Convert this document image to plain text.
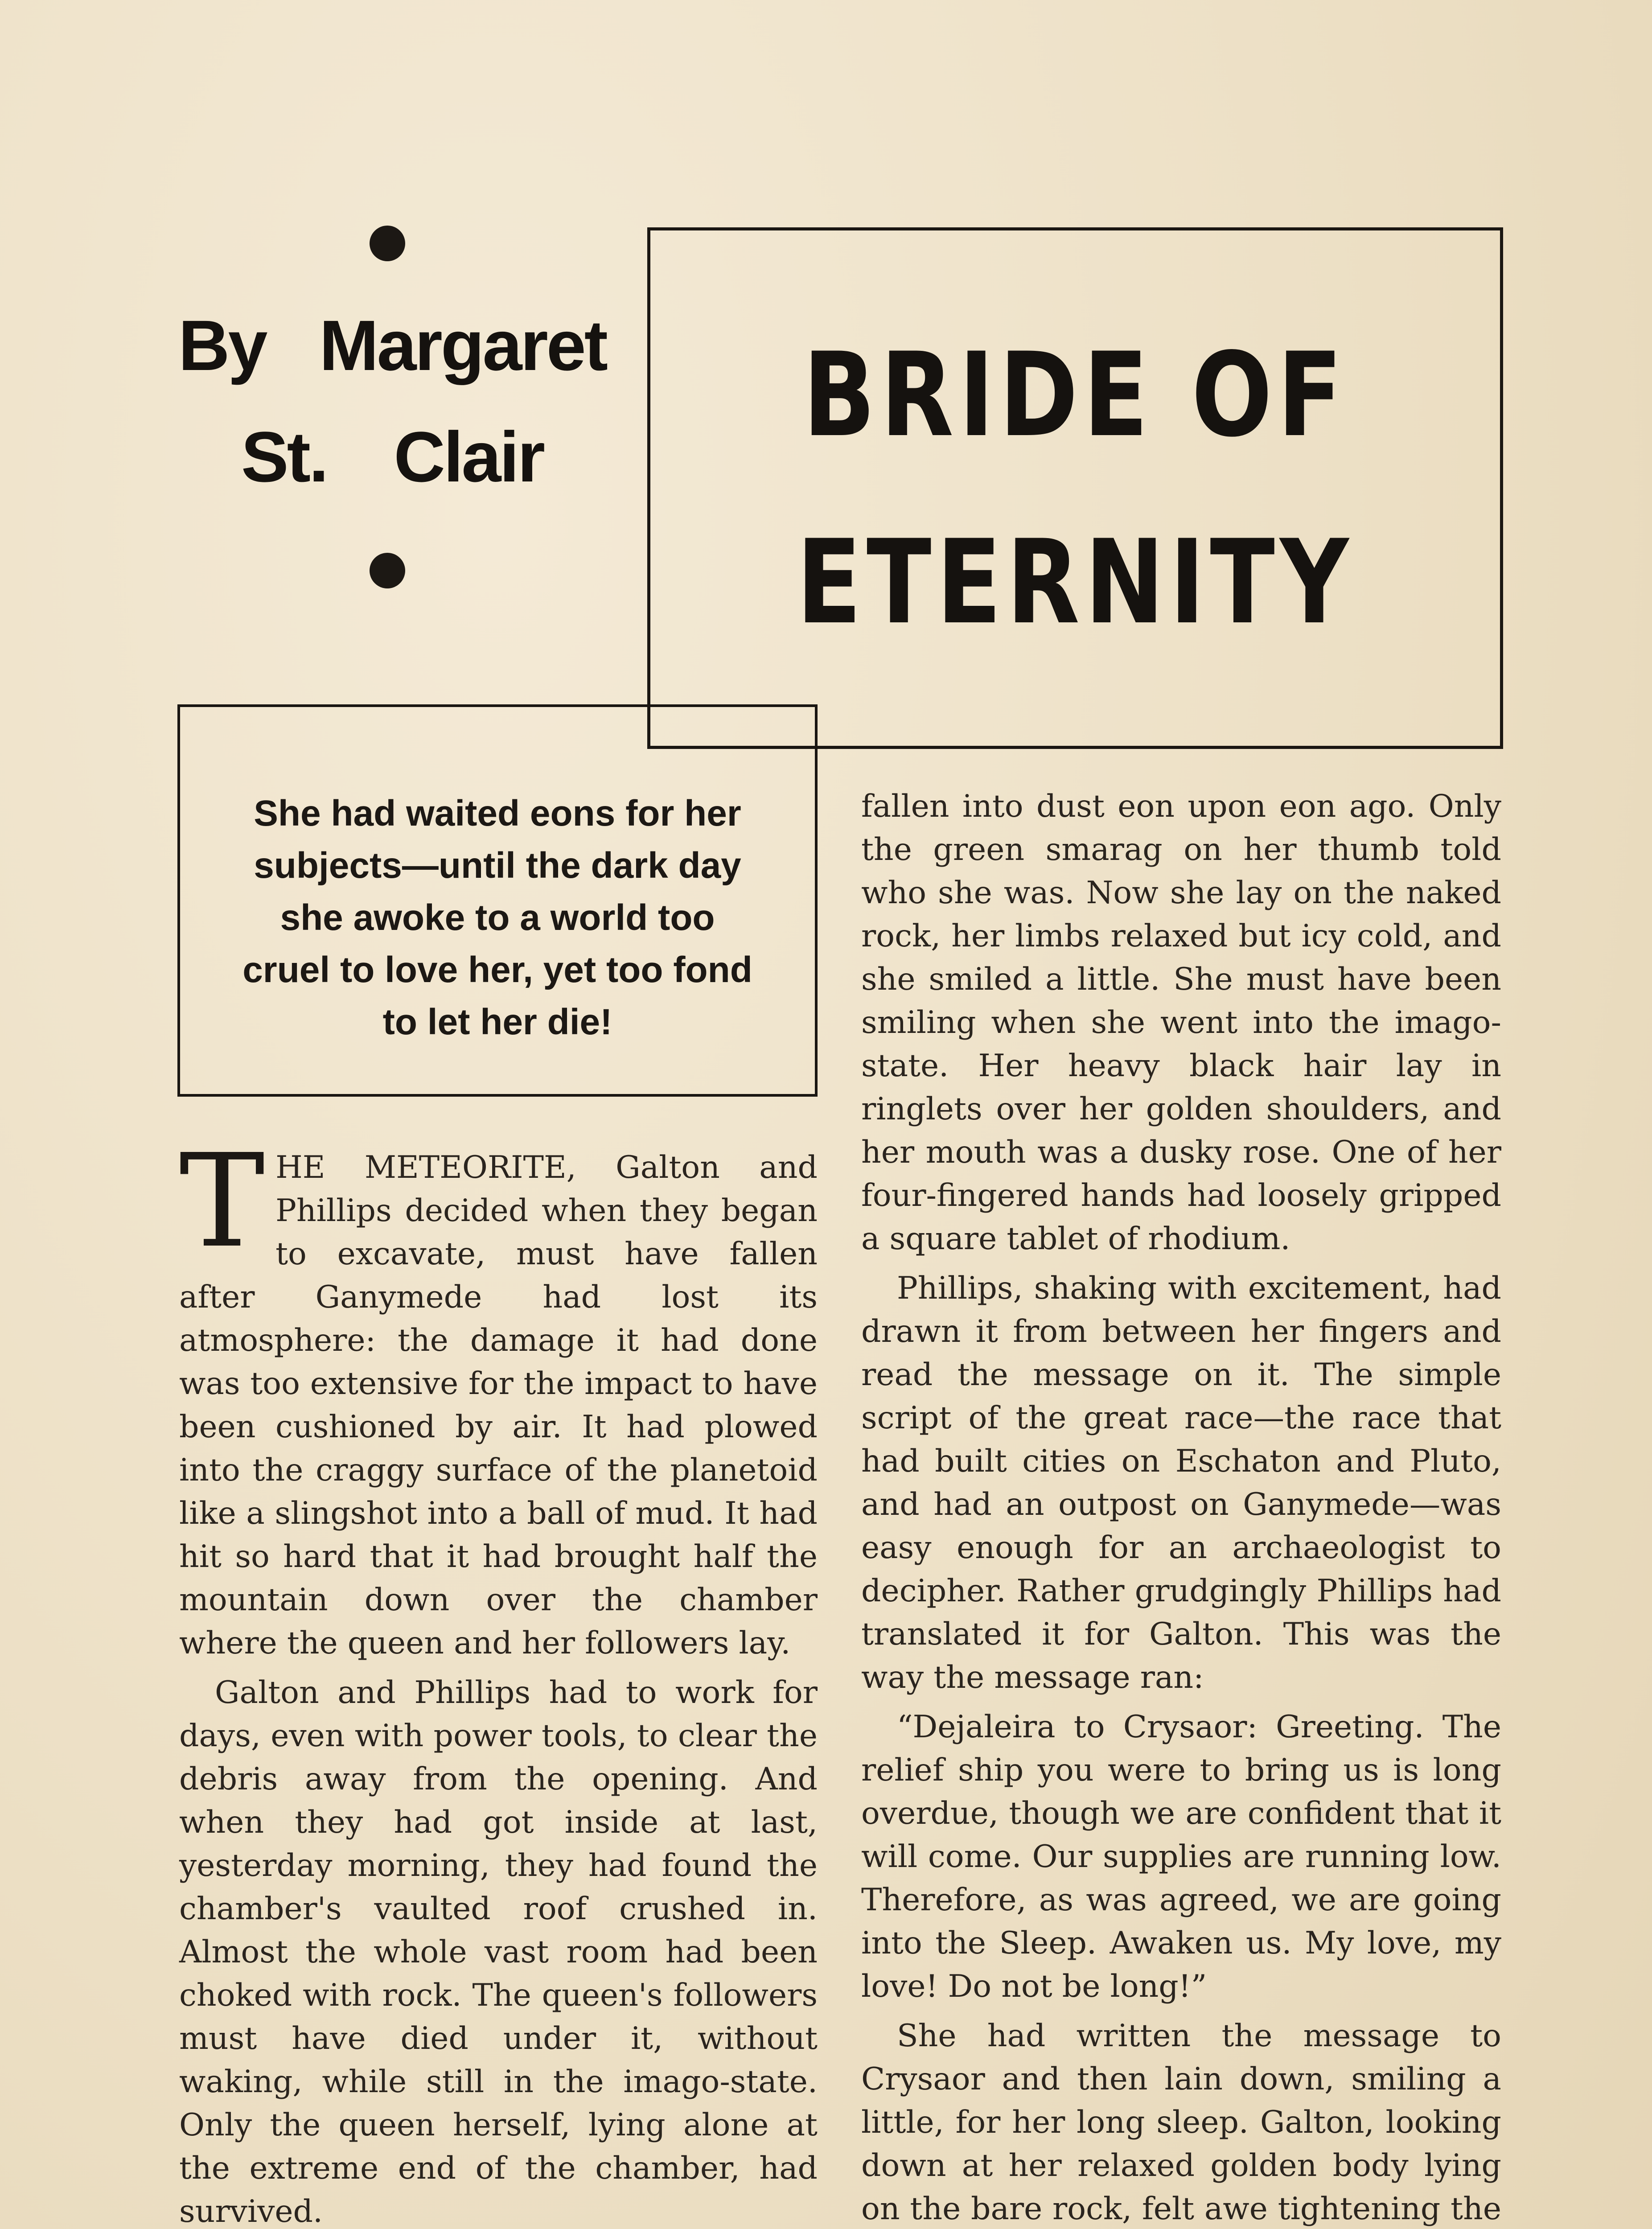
By Margaret
St. Clair	BRIDE OF
ETERNITY
She had waited eons for her subjects—until the dark day she awoke to a world too cruel to love her, yet too fond to let her die!

THE METEORITE, Galton and Phillips decided when they began to excavate, must have fallen after Ganymede had lost its atmosphere: the damage it had done was too extensive for the impact to have been cushioned by air. It had plowed into the craggy surface of the planetoid like a slingshot into a ball of mud. It had hit so hard that it had brought half the mountain down over the chamber where the queen and her followers lay.

Galton and Phillips had to work for days, even with power tools, to clear the debris away from the opening. And when they had got inside at last, yesterday morning, they had found the chamber's vaulted roof crushed in. Almost the whole vast room had been choked with rock. The queen's followers must have died under it, without waking, while still in the imago-state. Only the queen herself, lying alone at the extreme end of the chamber, had survived.

fallen into dust eon upon eon ago. Only the green smarag on her thumb told who she was. Now she lay on the naked rock, her limbs relaxed but icy cold, and she smiled a little. She must have been smiling when she went into the imago-state. Her heavy black hair lay in ringlets over her golden shoulders, and her mouth was a dusky rose. One of her four-fingered hands had loosely gripped a square tablet of rhodium.

Phillips, shaking with excitement, had drawn it from between her fingers and read the message on it. The simple script of the great race—the race that had built cities on Eschaton and Pluto, and had an outpost on Ganymede—was easy enough for an archaeologist to decipher. Rather grudgingly Phillips had translated it for Galton. This was the way the message ran:

“Dejaleira to Crysaor: Greeting. The relief ship you were to bring us is long overdue, though we are confident that it will come. Our supplies are running low. Therefore, as was agreed, we are going into the Sleep. Awaken us. My love, my love! Do not be long!”

She had written the message to Crysaor and then lain down, smiling a little, for her long sleep. Galton, looking down at her relaxed golden body lying on the bare rock, felt awe tightening the
